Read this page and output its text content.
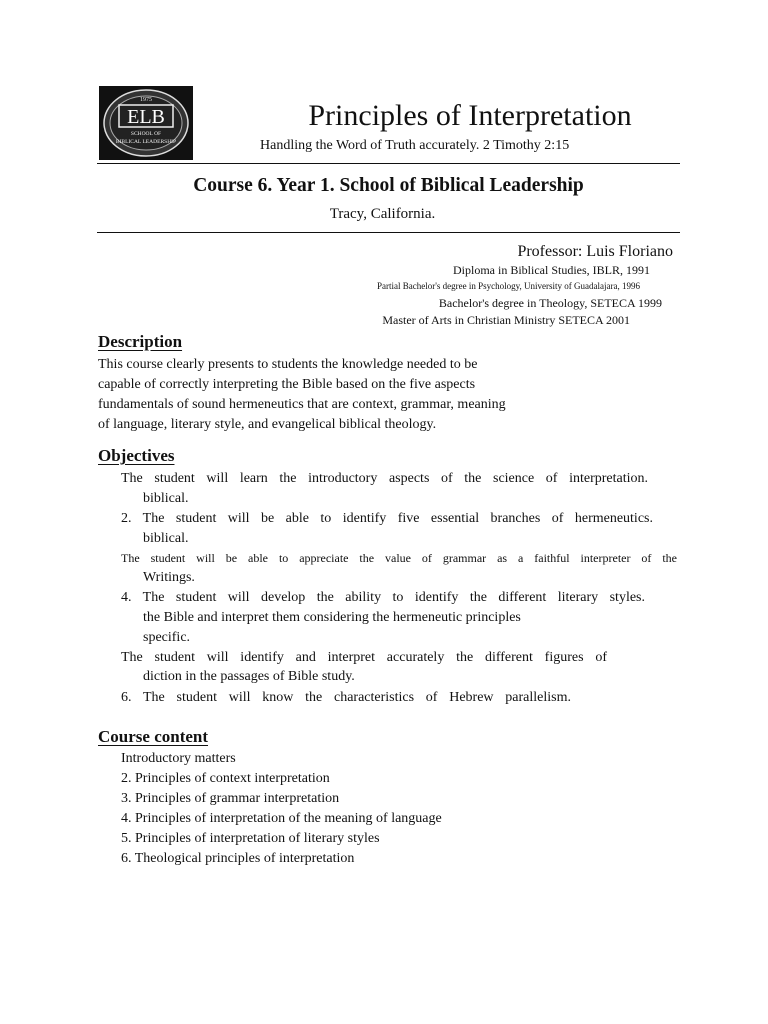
1975
ELB
SCHOOL OF
BIBLICAL LEADERSHIP
Principles of Interpretation
Handling the Word of Truth accurately. 2 Timothy 2:15
Course 6. Year 1. School of Biblical Leadership
Tracy, California.
Professor: Luis Floriano
Diploma in Biblical Studies, IBLR, 1991
Partial Bachelor's degree in Psychology, University of Guadalajara, 1996
Bachelor's degree in Theology, SETECA 1999
Master of Arts in Christian Ministry SETECA 2001
Description
This course clearly presents to students the knowledge needed to be
capable of correctly interpreting the Bible based on the five aspects
fundamentals of sound hermeneutics that are context, grammar, meaning
of language, literary style, and evangelical biblical theology.
Objectives
The student will learn the introductory aspects of the science of interpretation.
biblical.
2. The student will be able to identify five essential branches of hermeneutics.
biblical.
The student will be able to appreciate the value of grammar as a faithful interpreter of the
Writings.
4. The student will develop the ability to identify the different literary styles.
the Bible and interpret them considering the hermeneutic principles
specific.
The student will identify and interpret accurately the different figures of
diction in the passages of Bible study.
6. The student will know the characteristics of Hebrew parallelism.
Course content
Introductory matters
2. Principles of context interpretation
3. Principles of grammar interpretation
4. Principles of interpretation of the meaning of language
5. Principles of interpretation of literary styles
6. Theological principles of interpretation
